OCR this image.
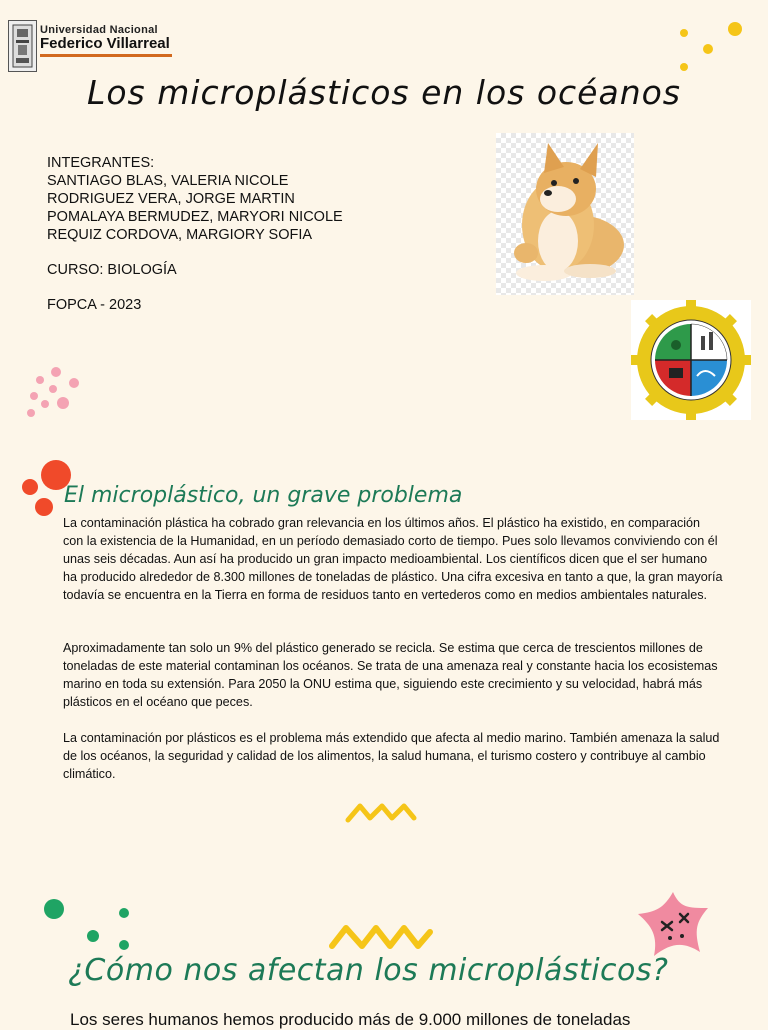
Universidad Nacional
Federico Villarreal
Los microplásticos en los océanos
INTEGRANTES:
SANTIAGO BLAS, VALERIA NICOLE
RODRIGUEZ VERA, JORGE MARTIN
POMALAYA BERMUDEZ, MARYORI NICOLE
REQUIZ CORDOVA, MARGIORY SOFIA
CURSO: BIOLOGÍA
FOPCA - 2023
El microplástico, un grave problema
La contaminación plástica ha cobrado gran relevancia en los últimos años. El plástico ha existido, en comparación con la existencia de la Humanidad, en un período demasiado corto de tiempo. Pues solo llevamos conviviendo con él unas seis décadas. Aun así ha producido un gran impacto medioambiental. Los científicos dicen que el ser humano ha producido alrededor de 8.300 millones de toneladas de plástico. Una cifra excesiva en tanto a que, la gran mayoría todavía se encuentra en la Tierra en forma de residuos tanto en vertederos como en medios ambientales naturales.
Aproximadamente tan solo un 9% del plástico generado se recicla. Se estima que cerca de trescientos millones de toneladas de este material contaminan los océanos. Se trata de una amenaza real y constante hacia los ecosistemas marino en toda su extensión. Para 2050 la ONU estima que, siguiendo este crecimiento y su velocidad, habrá más plásticos en el océano que peces.
La contaminación por plásticos es el problema más extendido que afecta al medio marino. También amenaza la salud de los océanos, la seguridad y calidad de los alimentos, la salud humana, el turismo costero y contribuye al cambio climático.
¿Cómo nos afectan los microplásticos?
Los seres humanos hemos producido más de 9.000 millones de toneladas
